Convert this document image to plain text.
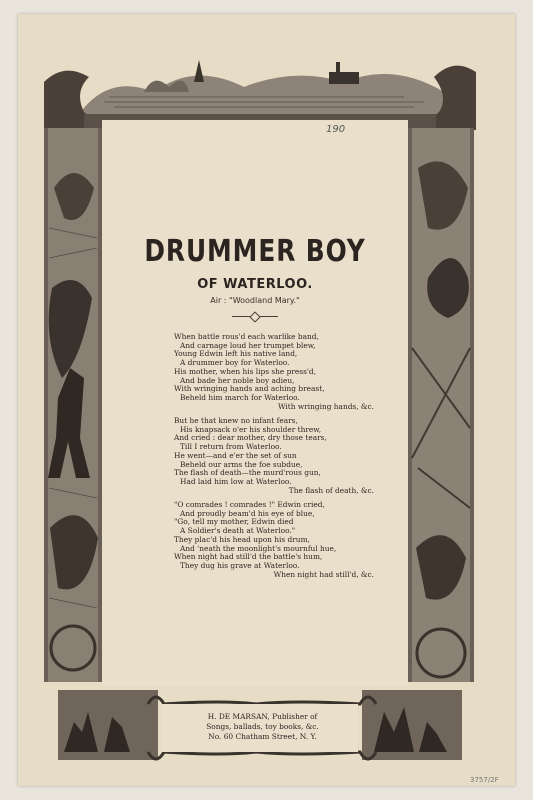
190
DRUMMER BOY
OF WATERLOO.
Air : "Woodland Mary."
When battle rous'd each warlike band,
And carnage loud her trumpet blew,
Young Edwin left his native land,
A drummer boy for Waterloo.
His mother, when his lips she press'd,
And bade her noble boy adieu,
With wringing hands and aching breast,
Beheld him march for Waterloo.
With wringing hands, &c.
But he that knew no infant fears,
His knapsack o'er his shoulder threw,
And cried : dear mother, dry those tears,
Till I return from Waterloo.
He went—and e'er the set of sun
Beheld our arms the foe subdue,
The flash of death—the murd'rous gun,
Had laid him low at Waterloo.
The flash of death, &c.
"O comrades ! comrades !" Edwin cried,
And proudly beam'd his eye of blue,
"Go, tell my mother, Edwin died
A Soldier's death at Waterloo."
They plac'd his head upon his drum,
And 'neath the moonlight's mournful hue,
When night had still'd the battle's hum,
They dug his grave at Waterloo.
When night had still'd, &c.
H. DE MARSAN, Publisher of
Songs, ballads, toy books, &c.
No. 60 Chatham Street, N. Y.
3757/2F
